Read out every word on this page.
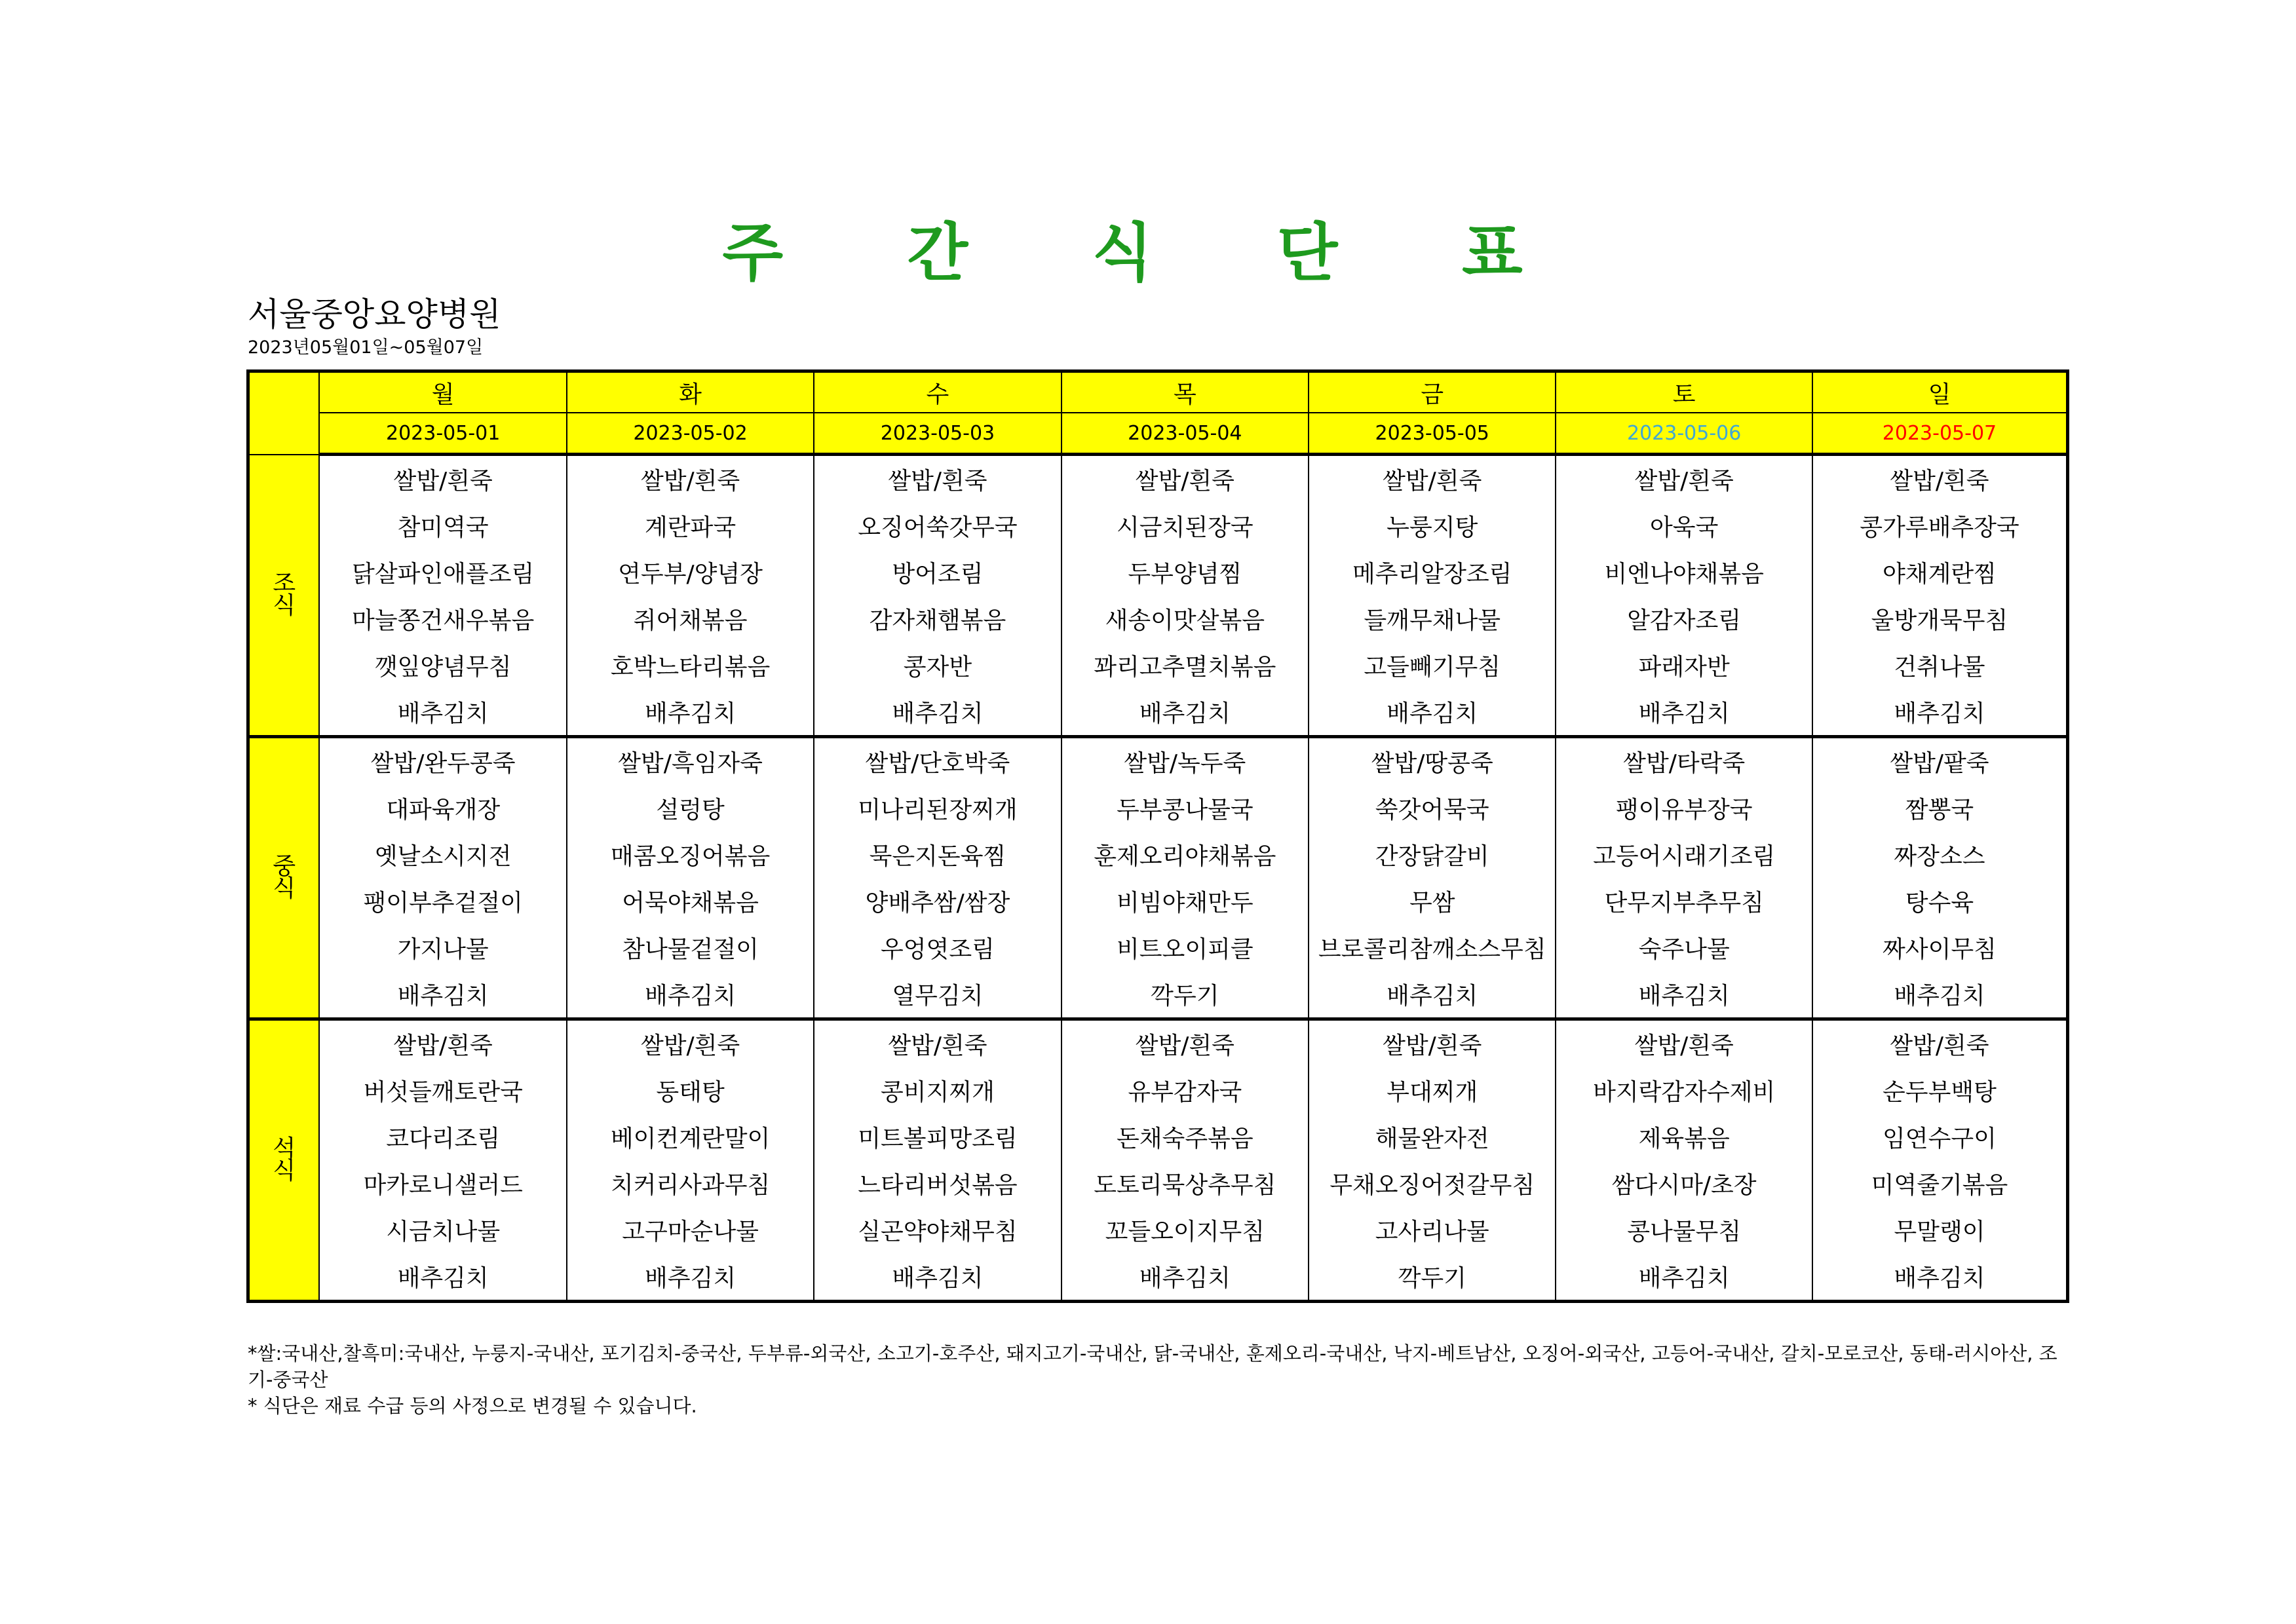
주 간 식 단 표
서울중앙요양병원
2023년05월01일~05월07일
	월	화	수	목	금	토	일
	2023-05-01	2023-05-02	2023-05-03	2023-05-04	2023-05-05	2023-05-06	2023-05-07
조
식	쌀밥/흰죽	쌀밥/흰죽	쌀밥/흰죽	쌀밥/흰죽	쌀밥/흰죽	쌀밥/흰죽	쌀밥/흰죽
	참미역국	계란파국	오징어쑥갓무국	시금치된장국	누룽지탕	아욱국	콩가루배추장국
	닭살파인애플조림	연두부/양념장	방어조림	두부양념찜	메추리알장조림	비엔나야채볶음	야채계란찜
	마늘쫑건새우볶음	쥐어채볶음	감자채햄볶음	새송이맛살볶음	들깨무채나물	알감자조림	울방개묵무침
	깻잎양념무침	호박느타리볶음	콩자반	꽈리고추멸치볶음	고들빼기무침	파래자반	건취나물
	배추김치	배추김치	배추김치	배추김치	배추김치	배추김치	배추김치
중
식	쌀밥/완두콩죽	쌀밥/흑임자죽	쌀밥/단호박죽	쌀밥/녹두죽	쌀밥/땅콩죽	쌀밥/타락죽	쌀밥/팥죽
	대파육개장	설렁탕	미나리된장찌개	두부콩나물국	쑥갓어묵국	팽이유부장국	짬뽕국
	옛날소시지전	매콤오징어볶음	묵은지돈육찜	훈제오리야채볶음	간장닭갈비	고등어시래기조림	짜장소스
	팽이부추겉절이	어묵야채볶음	양배추쌈/쌈장	비빔야채만두	무쌈	단무지부추무침	탕수육
	가지나물	참나물겉절이	우엉엿조림	비트오이피클	브로콜리참깨소스무침	숙주나물	짜사이무침
	배추김치	배추김치	열무김치	깍두기	배추김치	배추김치	배추김치
석
식	쌀밥/흰죽	쌀밥/흰죽	쌀밥/흰죽	쌀밥/흰죽	쌀밥/흰죽	쌀밥/흰죽	쌀밥/흰죽
	버섯들깨토란국	동태탕	콩비지찌개	유부감자국	부대찌개	바지락감자수제비	순두부백탕
	코다리조림	베이컨계란말이	미트볼피망조림	돈채숙주볶음	해물완자전	제육볶음	임연수구이
	마카로니샐러드	치커리사과무침	느타리버섯볶음	도토리묵상추무침	무채오징어젓갈무침	쌈다시마/초장	미역줄기볶음
	시금치나물	고구마순나물	실곤약야채무침	꼬들오이지무침	고사리나물	콩나물무침	무말랭이
	배추김치	배추김치	배추김치	배추김치	깍두기	배추김치	배추김치
*쌀:국내산,찰흑미:국내산, 누룽지-국내산, 포기김치-중국산, 두부류-외국산, 소고기-호주산, 돼지고기-국내산, 닭-국내산, 훈제오리-국내산, 낙지-베트남산, 오징어-외국산, 고등어-국내산, 갈치-모로코산, 동태-러시아산, 조기-중국산
* 식단은 재료 수급 등의 사정으로 변경될 수 있습니다.
